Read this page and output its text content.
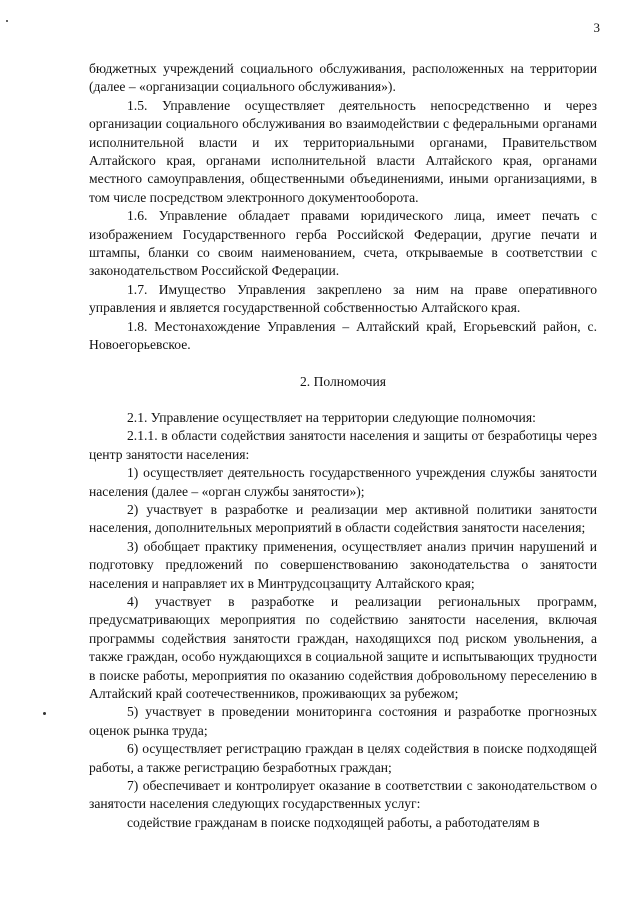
3

бюджетных учреждений социального обслуживания, расположенных на территории (далее – «организации социального обслуживания»).

1.5. Управление осуществляет деятельность непосредственно и через организации социального обслуживания во взаимодействии с федеральными органами исполнительной власти и их территориальными органами, Правительством Алтайского края, органами исполнительной власти Алтайского края, органами местного самоуправления, общественными объединениями, иными организациями, в том числе посредством электронного документооборота.

1.6. Управление обладает правами юридического лица, имеет печать с изображением Государственного герба Российской Федерации, другие печати и штампы, бланки со своим наименованием, счета, открываемые в соответствии с законодательством Российской Федерации.

1.7. Имущество Управления закреплено за ним на праве оперативного управления и является государственной собственностью Алтайского края.

1.8. Местонахождение Управления – Алтайский край, Егорьевский район, с. Новоегорьевское.

2. Полномочия

2.1. Управление осуществляет на территории следующие полномочия:

2.1.1. в области содействия занятости населения и защиты от безработицы через центр занятости населения:

1) осуществляет деятельность государственного учреждения службы занятости населения (далее – «орган службы занятости»);

2) участвует в разработке и реализации мер активной политики занятости населения, дополнительных мероприятий в области содействия занятости населения;

3) обобщает практику применения, осуществляет анализ причин нарушений и подготовку предложений по совершенствованию законодательства о занятости населения и направляет их в Минтрудсоцзащиту Алтайского края;

4) участвует в разработке и реализации региональных программ, предусматривающих мероприятия по содействию занятости населения, включая программы содействия занятости граждан, находящихся под риском увольнения, а также граждан, особо нуждающихся в социальной защите и испытывающих трудности в поиске работы, мероприятия по оказанию содействия добровольному переселению в Алтайский край соотечественников, проживающих за рубежом;

5) участвует в проведении мониторинга состояния и разработке прогнозных оценок рынка труда;

6) осуществляет регистрацию граждан в целях содействия в поиске подходящей работы, а также регистрацию безработных граждан;

7) обеспечивает и контролирует оказание в соответствии с законодательством о занятости населения следующих государственных услуг:

содействие гражданам в поиске подходящей работы, а работодателям в
